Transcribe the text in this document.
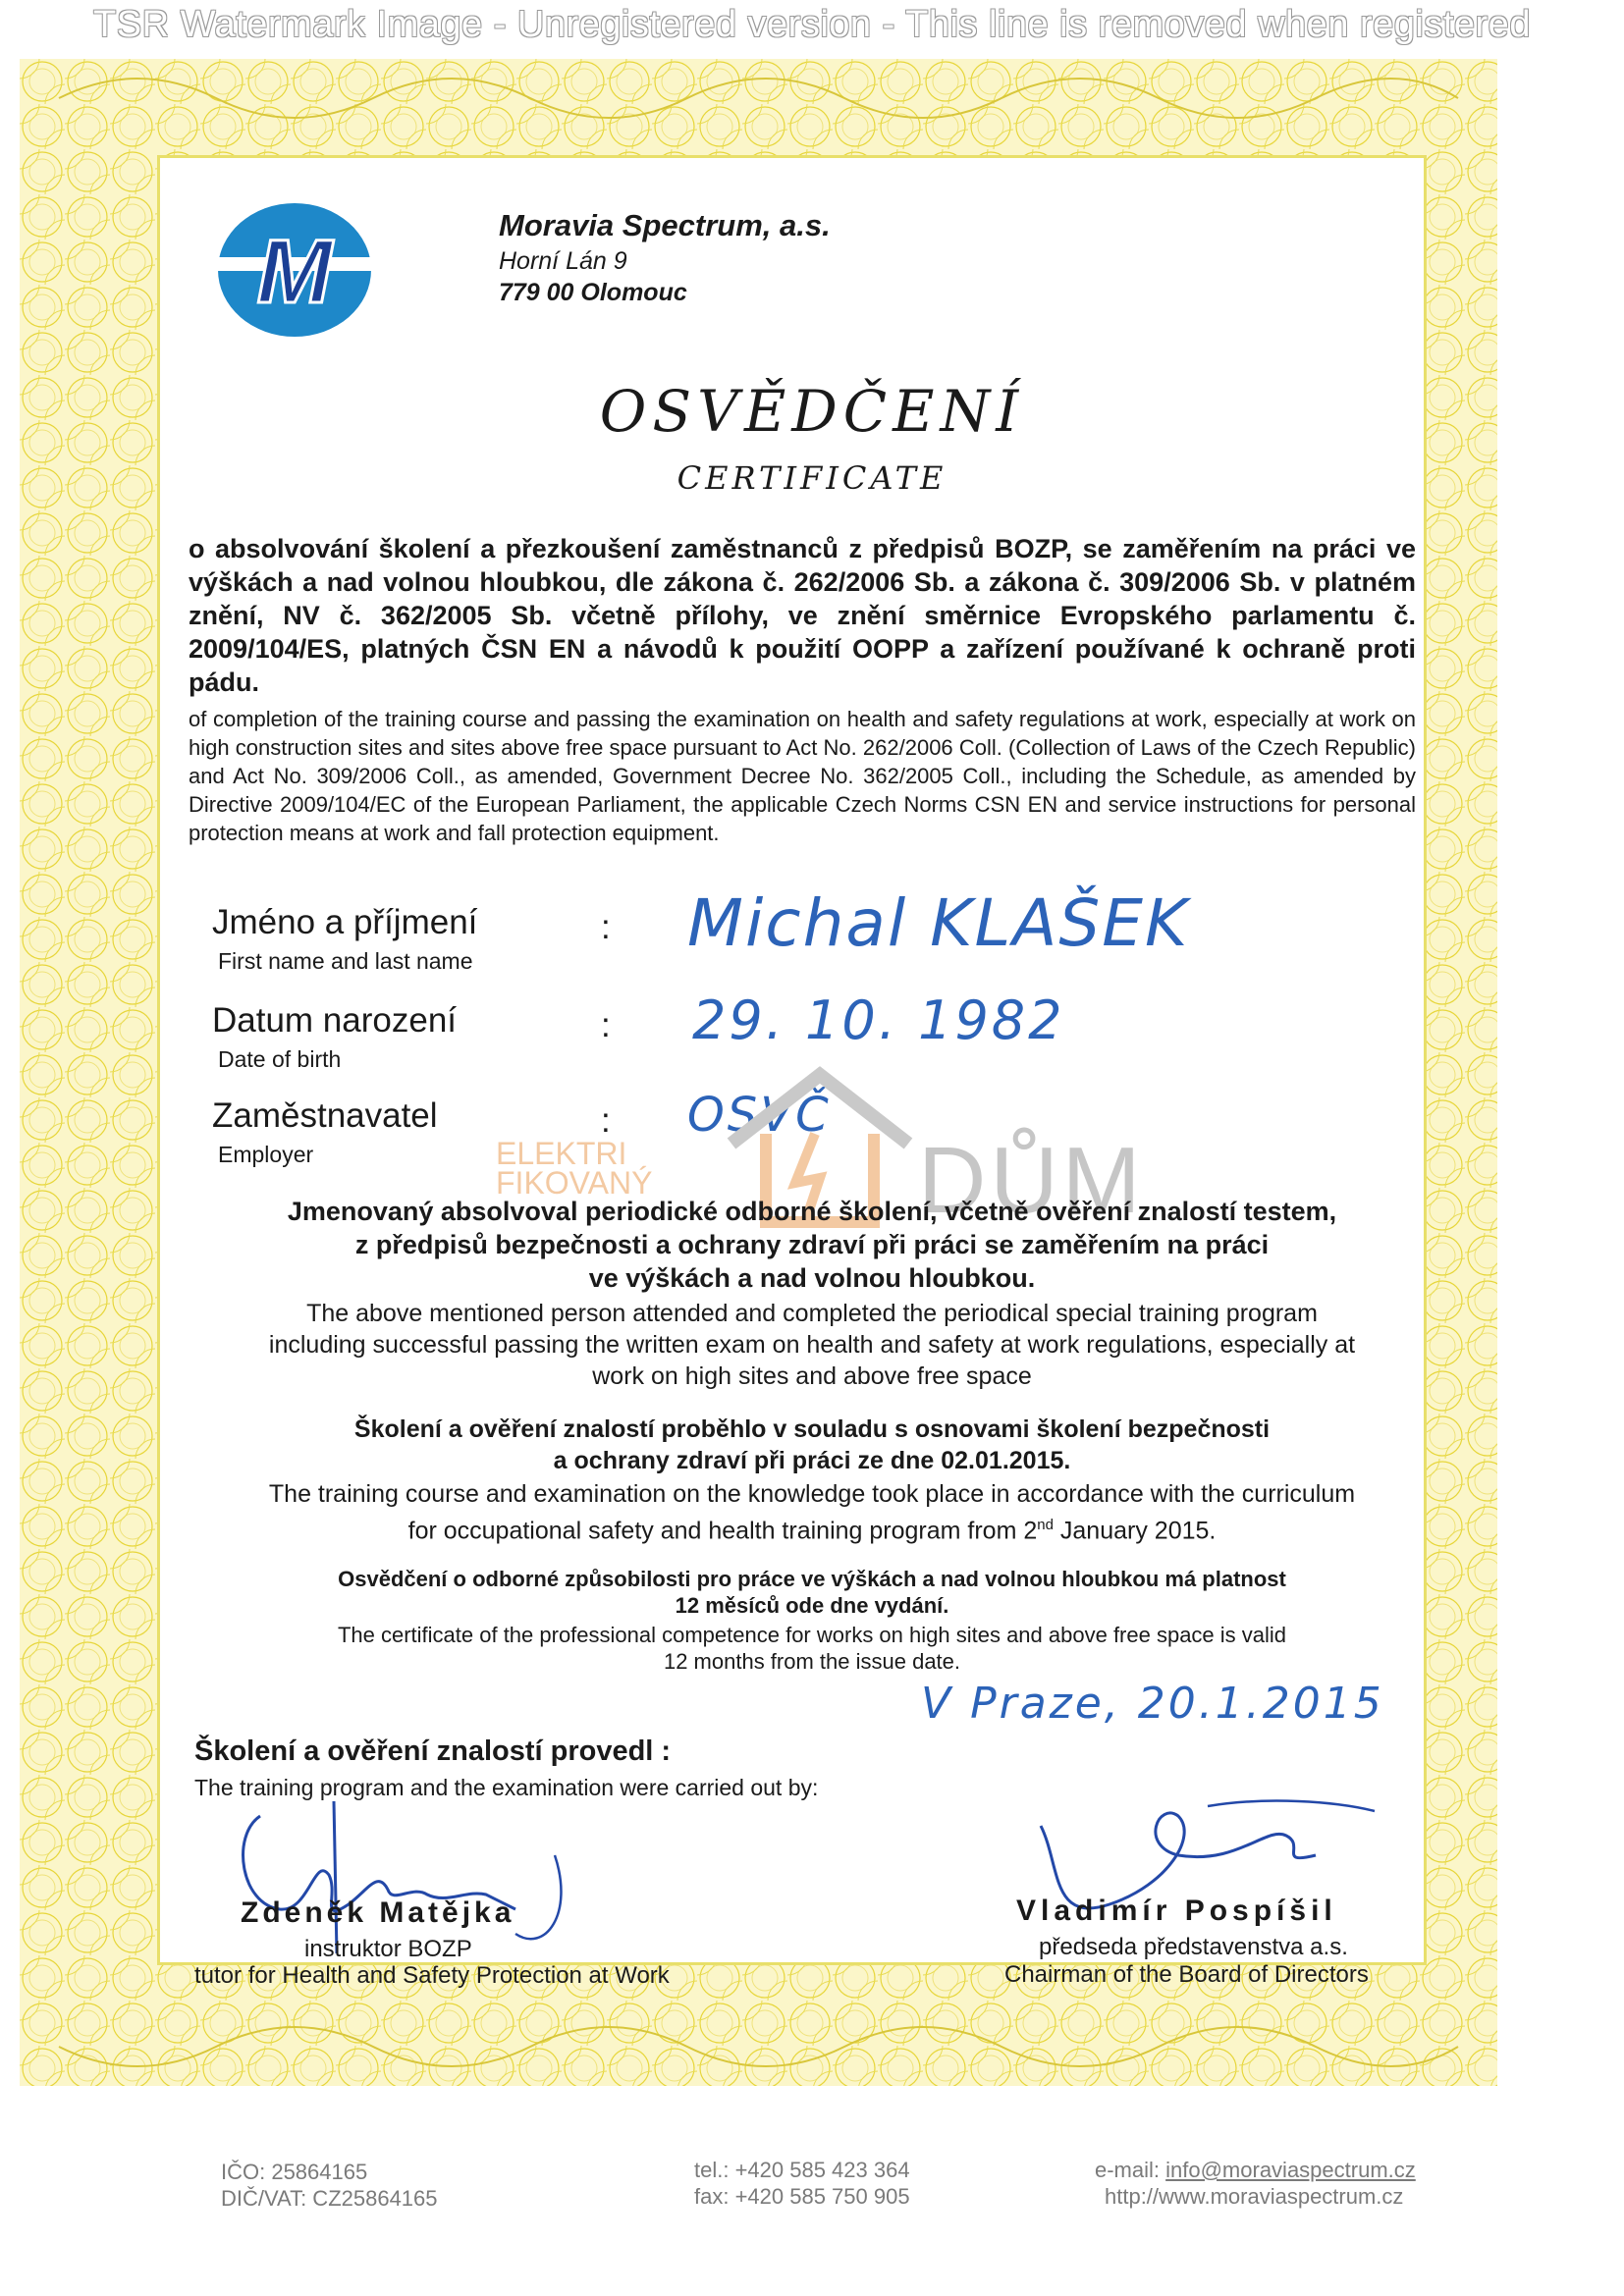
TSR Watermark Image - Unregistered version - This line is removed when registered
M	Moravia Spectrum, a.s.
Horní Lán 9
779 00 Olomouc
OSVĚDČENÍ
CERTIFICATE
o absolvování školení a přezkoušení zaměstnanců z předpisů BOZP, se zaměřením na práci ve výškách a nad volnou hloubkou, dle zákona č. 262/2006 Sb. a zákona č. 309/2006 Sb. v platném znění, NV č. 362/2005 Sb. včetně přílohy, ve znění směrnice Evropského parlamentu č. 2009/104/ES, platných ČSN EN a návodů k použití OOPP a zařízení používané k ochraně proti pádu.
of completion of the training course and passing the examination on health and safety regulations at work, especially at work on high construction sites and sites above free space pursuant to Act No. 262/2006 Coll. (Collection of Laws of the Czech Republic) and Act No. 309/2006 Coll., as amended, Government Decree No. 362/2005 Coll., including the Schedule, as amended by Directive 2009/104/EC of the European Parliament, the applicable Czech Norms CSN EN and service instructions for personal protection means at work and fall protection equipment.
Jméno a příjmení
First name and last name
: Michal KLAŠEK
Datum narození
Date of birth
: 29. 10. 1982
Zaměstnavatel
Employer
: OSVČ
ELEKTRI
FIKOVANÝ	DŮM
Jmenovaný absolvoval periodické odborné školení, včetně ověření znalostí testem,
z předpisů bezpečnosti a ochrany zdraví při práci se zaměřením na práci
ve výškách a nad volnou hloubkou.
The above mentioned person attended and completed the periodical special training program
including successful passing the written exam on health and safety at work regulations, especially at
work on high sites and above free space
Školení a ověření znalostí proběhlo v souladu s osnovami školení bezpečnosti
a ochrany zdraví při práci ze dne 02.01.2015.
The training course and examination on the knowledge took place in accordance with the curriculum
for occupational safety and health training program from 2nd January 2015.
Osvědčení o odborné způsobilosti pro práce ve výškách a nad volnou hloubkou má platnost
12 měsíců ode dne vydání.
The certificate of the professional competence for works on high sites and above free space is valid
12 months from the issue date.
V Praze, 20.1.2015
Školení a ověření znalostí provedl :
The training program and the examination were carried out by:
Zdeněk Matějka
instruktor BOZP
tutor for Health and Safety Protection at Work
Vladimír Pospíšil
předseda představenstva a.s.
Chairman of the Board of Directors
IČO: 25864165
DIČ/VAT: CZ25864165
tel.: +420 585 423 364
fax: +420 585 750 905
e-mail: info@moraviaspectrum.cz
http://www.moraviaspectrum.cz
